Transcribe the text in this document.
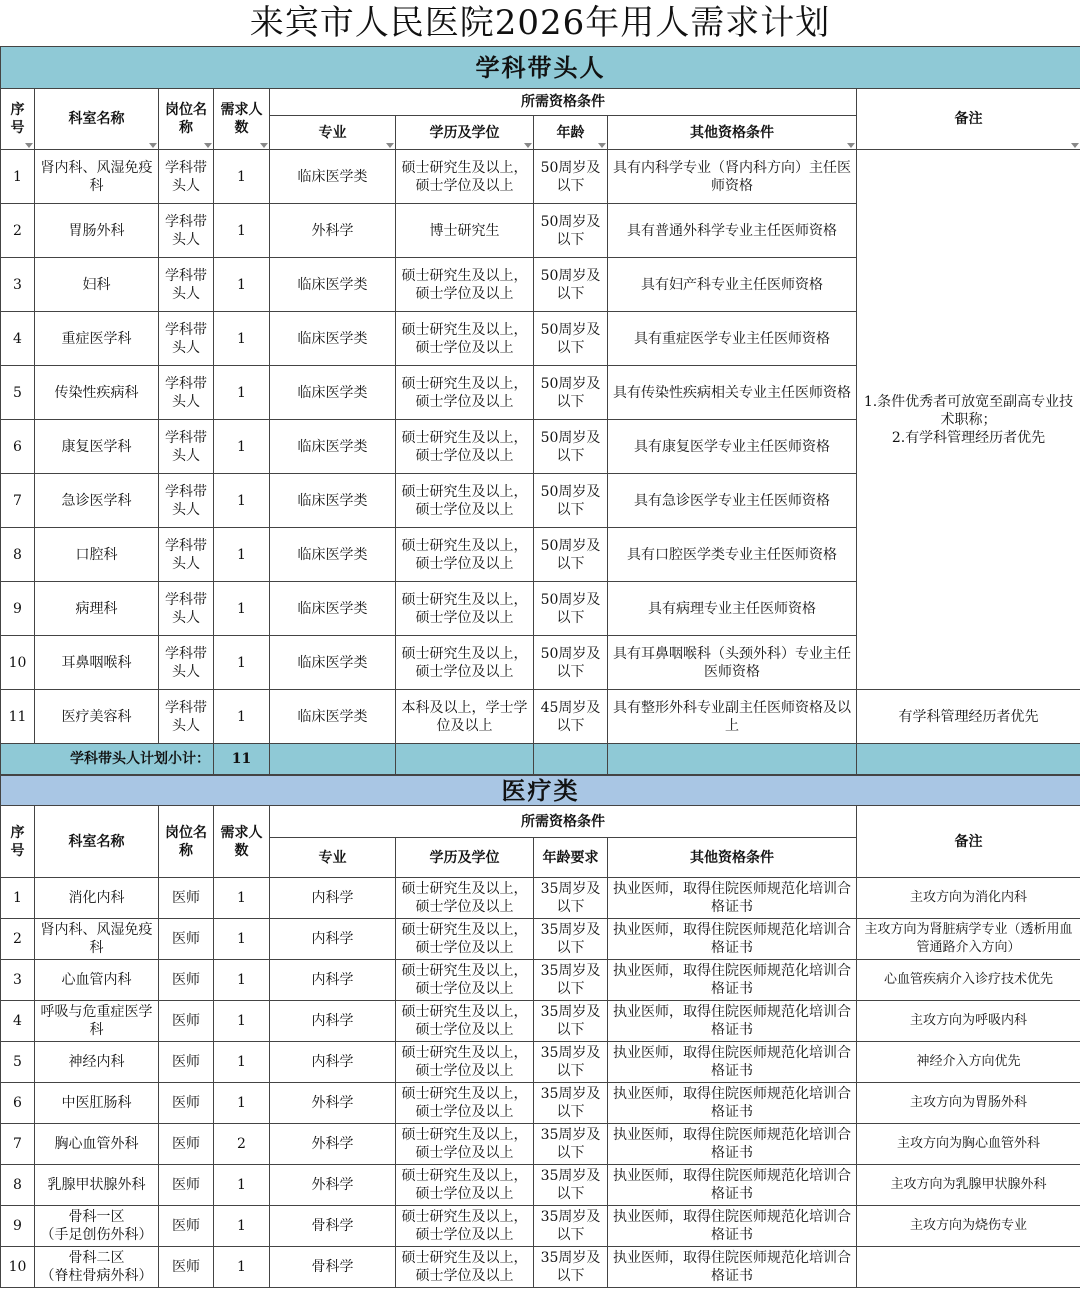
来宾市人民医院2026年用人需求计划
学科带头人								
序号	科室名称	岗位名称	需求人数	所需资格条件				备注
				专业	学历及学位	年龄	其他资格条件	
1	肾内科、风湿免疫科	学科带头人	1	临床医学类	硕士研究生及以上，硕士学位及以上	50周岁及以下	具有内科学专业（肾内科方向）主任医师资格	1.条件优秀者可放宽至副高专业技术职称；
2.有学科管理经历者优先
2	胃肠外科	学科带头人	1	外科学	博士研究生	50周岁及以下	具有普通外科学专业主任医师资格	
3	妇科	学科带头人	1	临床医学类	硕士研究生及以上，硕士学位及以上	50周岁及以下	具有妇产科专业主任医师资格	
4	重症医学科	学科带头人	1	临床医学类	硕士研究生及以上，硕士学位及以上	50周岁及以下	具有重症医学专业主任医师资格	
5	传染性疾病科	学科带头人	1	临床医学类	硕士研究生及以上，硕士学位及以上	50周岁及以下	具有传染性疾病相关专业主任医师资格	
6	康复医学科	学科带头人	1	临床医学类	硕士研究生及以上，硕士学位及以上	50周岁及以下	具有康复医学专业主任医师资格	
7	急诊医学科	学科带头人	1	临床医学类	硕士研究生及以上，硕士学位及以上	50周岁及以下	具有急诊医学专业主任医师资格	
8	口腔科	学科带头人	1	临床医学类	硕士研究生及以上，硕士学位及以上	50周岁及以下	具有口腔医学类专业主任医师资格	
9	病理科	学科带头人	1	临床医学类	硕士研究生及以上，硕士学位及以上	50周岁及以下	具有病理专业主任医师资格	
10	耳鼻咽喉科	学科带头人	1	临床医学类	硕士研究生及以上，硕士学位及以上	50周岁及以下	具有耳鼻咽喉科（头颈外科）专业主任医师资格	
11	医疗美容科	学科带头人	1	临床医学类	本科及以上，学士学位及以上	45周岁及以下	具有整形外科专业副主任医师资格及以上	有学科管理经历者优先
学科带头人计划小计：			11					
医疗类								
序号	科室名称	岗位名称	需求人数	所需资格条件				备注
				专业	学历及学位	年龄要求	其他资格条件	
1	消化内科	医师	1	内科学	硕士研究生及以上，硕士学位及以上	35周岁及以下	执业医师，取得住院医师规范化培训合格证书	主攻方向为消化内科
2	肾内科、风湿免疫科	医师	1	内科学	硕士研究生及以上，硕士学位及以上	35周岁及以下	执业医师，取得住院医师规范化培训合格证书	主攻方向为肾脏病学专业（透析用血管通路介入方向）
3	心血管内科	医师	1	内科学	硕士研究生及以上，硕士学位及以上	35周岁及以下	执业医师，取得住院医师规范化培训合格证书	心血管疾病介入诊疗技术优先
4	呼吸与危重症医学科	医师	1	内科学	硕士研究生及以上，硕士学位及以上	35周岁及以下	执业医师，取得住院医师规范化培训合格证书	主攻方向为呼吸内科
5	神经内科	医师	1	内科学	硕士研究生及以上，硕士学位及以上	35周岁及以下	执业医师，取得住院医师规范化培训合格证书	神经介入方向优先
6	中医肛肠科	医师	1	外科学	硕士研究生及以上，硕士学位及以上	35周岁及以下	执业医师，取得住院医师规范化培训合格证书	主攻方向为胃肠外科
7	胸心血管外科	医师	2	外科学	硕士研究生及以上，硕士学位及以上	35周岁及以下	执业医师，取得住院医师规范化培训合格证书	主攻方向为胸心血管外科
8	乳腺甲状腺外科	医师	1	外科学	硕士研究生及以上，硕士学位及以上	35周岁及以下	执业医师，取得住院医师规范化培训合格证书	主攻方向为乳腺甲状腺外科
9	骨科一区
（手足创伤外科）	医师	1	骨科学	硕士研究生及以上，硕士学位及以上	35周岁及以下	执业医师，取得住院医师规范化培训合格证书	主攻方向为烧伤专业
10	骨科二区
（脊柱骨病外科）	医师	1	骨科学	硕士研究生及以上，硕士学位及以上	35周岁及以下	执业医师，取得住院医师规范化培训合格证书	
